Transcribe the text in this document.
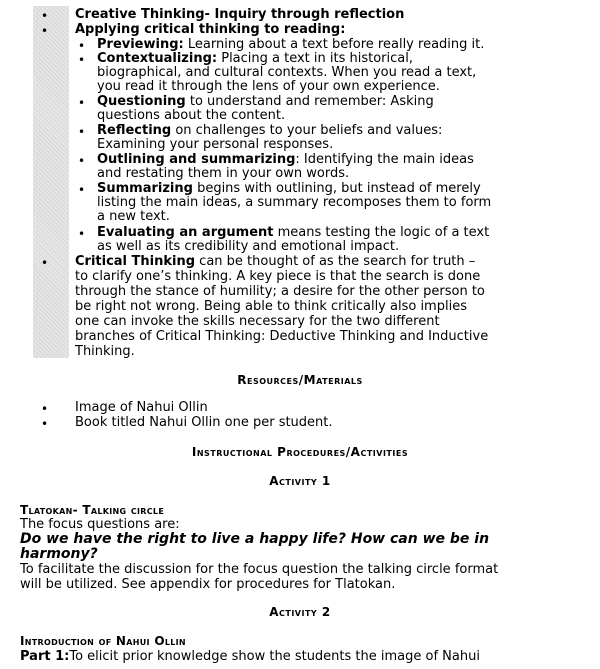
• Creative Thinking- Inquiry through reflection
• Applying critical thinking to reading:
• Previewing: Learning about a text before really reading it.
• Contextualizing: Placing a text in its historical,
biographical, and cultural contexts. When you read a text,
you read it through the lens of your own experience.
• Questioning to understand and remember: Asking
questions about the content.
• Reflecting on challenges to your beliefs and values:
Examining your personal responses.
• Outlining and summarizing: Identifying the main ideas
and restating them in your own words.
• Summarizing begins with outlining, but instead of merely
listing the main ideas, a summary recomposes them to form
a new text.
• Evaluating an argument means testing the logic of a text
as well as its credibility and emotional impact.
• Critical Thinking can be thought of as the search for truth –
to clarify one’s thinking. A key piece is that the search is done
through the stance of humility; a desire for the other person to
be right not wrong. Being able to think critically also implies
one can invoke the skills necessary for the two different
branches of Critical Thinking: Deductive Thinking and Inductive
Thinking.
Resources/Materials
• Image of Nahui Ollin
• Book titled Nahui Ollin one per student.
Instructional Procedures/Activities
Activity 1
Tlatokan- Talking circle
The focus questions are:
Do we have the right to live a happy life? How can we be in
harmony?
To facilitate the discussion for the focus question the talking circle format
will be utilized. See appendix for procedures for Tlatokan.
Activity 2
Introduction of Nahui Ollin
Part 1:To elicit prior knowledge show the students the image of Nahui
